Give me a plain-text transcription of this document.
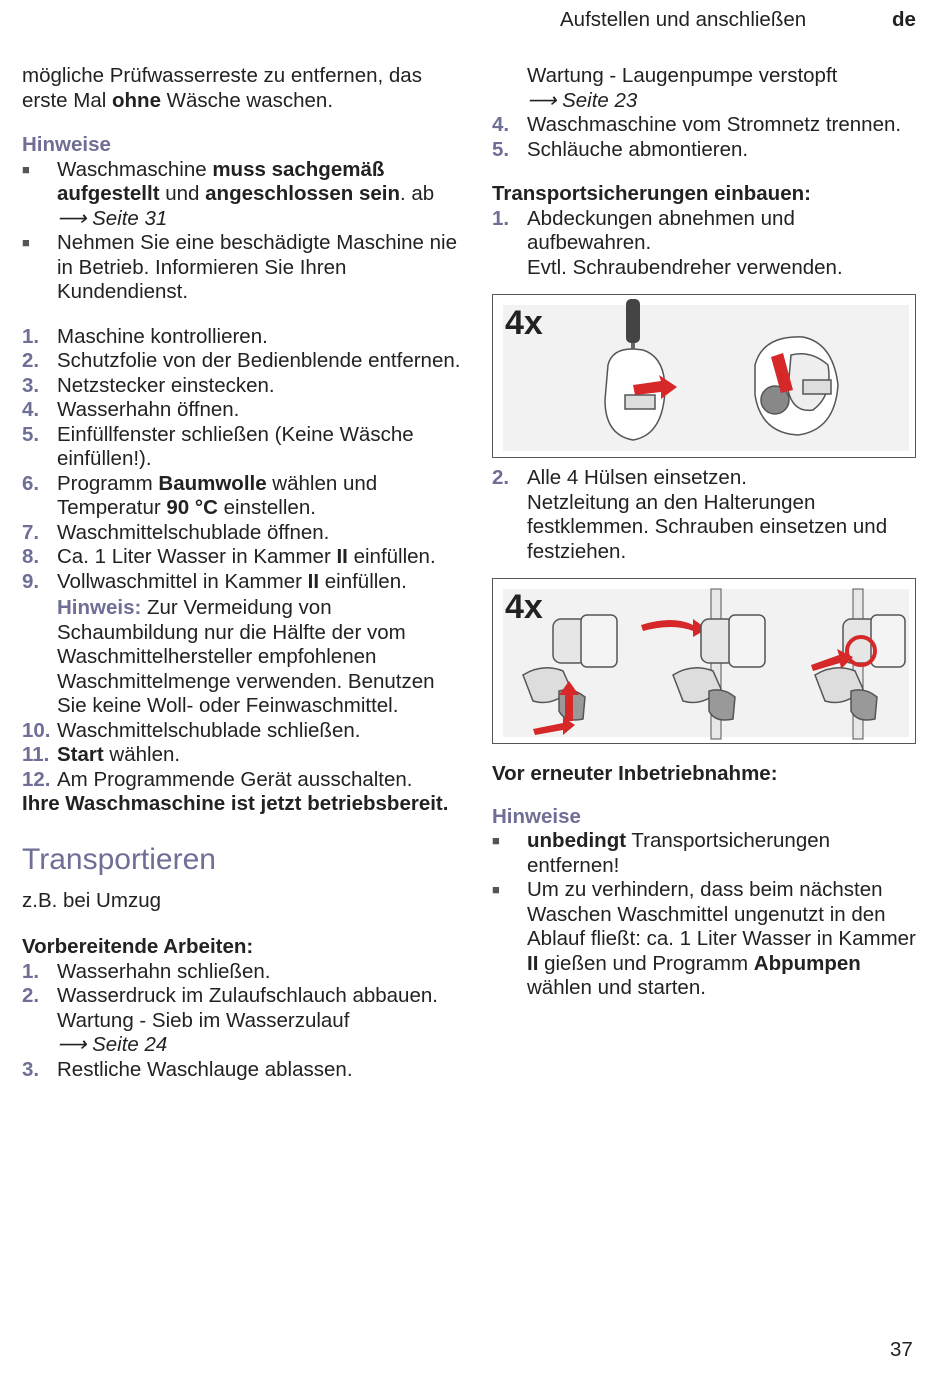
Aufstellen und anschließen	de

mögliche Prüfwasserreste zu entfernen, das erste Mal ohne Wäsche waschen.

Hinweise
■ Waschmaschine muss sachgemäß aufgestellt und angeschlossen sein. ab ⟶ Seite 31
■ Nehmen Sie eine beschädigte Maschine nie in Betrieb. Informieren Sie Ihren Kundendienst.
1. Maschine kontrollieren.
2. Schutzfolie von der Bedienblende entfernen.
3. Netzstecker einstecken.
4. Wasserhahn öffnen.
5. Einfüllfenster schließen (Keine Wäsche einfüllen!).
6. Programm Baumwolle wählen und Temperatur 90 °C einstellen.
7. Waschmittelschublade öffnen.
8. Ca. 1 Liter Wasser in Kammer II einfüllen.
9. Vollwaschmittel in Kammer II einfüllen.
Hinweis: Zur Vermeidung von Schaumbildung nur die Hälfte der vom Waschmittelhersteller empfohlenen Waschmittelmenge verwenden. Benutzen Sie keine Woll- oder Feinwaschmittel.
10. Waschmittelschublade schließen.
11. Start wählen.
12. Am Programmende Gerät ausschalten.

Ihre Waschmaschine ist jetzt betriebsbereit.

Transportieren

z.B. bei Umzug

Vorbereitende Arbeiten:
1. Wasserhahn schließen.
2. Wasserdruck im Zulaufschlauch abbauen.
Wartung - Sieb im Wasserzulauf
⟶ Seite 24
3. Restliche Waschlauge ablassen.
Wartung - Laugenpumpe verstopft
⟶ Seite 23
4. Waschmaschine vom Stromnetz trennen.
5. Schläuche abmontieren.
Transportsicherungen einbauen:
1. Abdeckungen abnehmen und aufbewahren.
Evtl. Schraubendreher verwenden.
4x
2. Alle 4 Hülsen einsetzen.
Netzleitung an den Halterungen festklemmen. Schrauben einsetzen und festziehen.
4x
Vor erneuter Inbetriebnahme:
Hinweise
■ unbedingt Transportsicherungen entfernen!
■ Um zu verhindern, dass beim nächsten Waschen Waschmittel ungenutzt in den Ablauf fließt: ca. 1 Liter Wasser in Kammer II gießen und Programm Abpumpen wählen und starten.
37
